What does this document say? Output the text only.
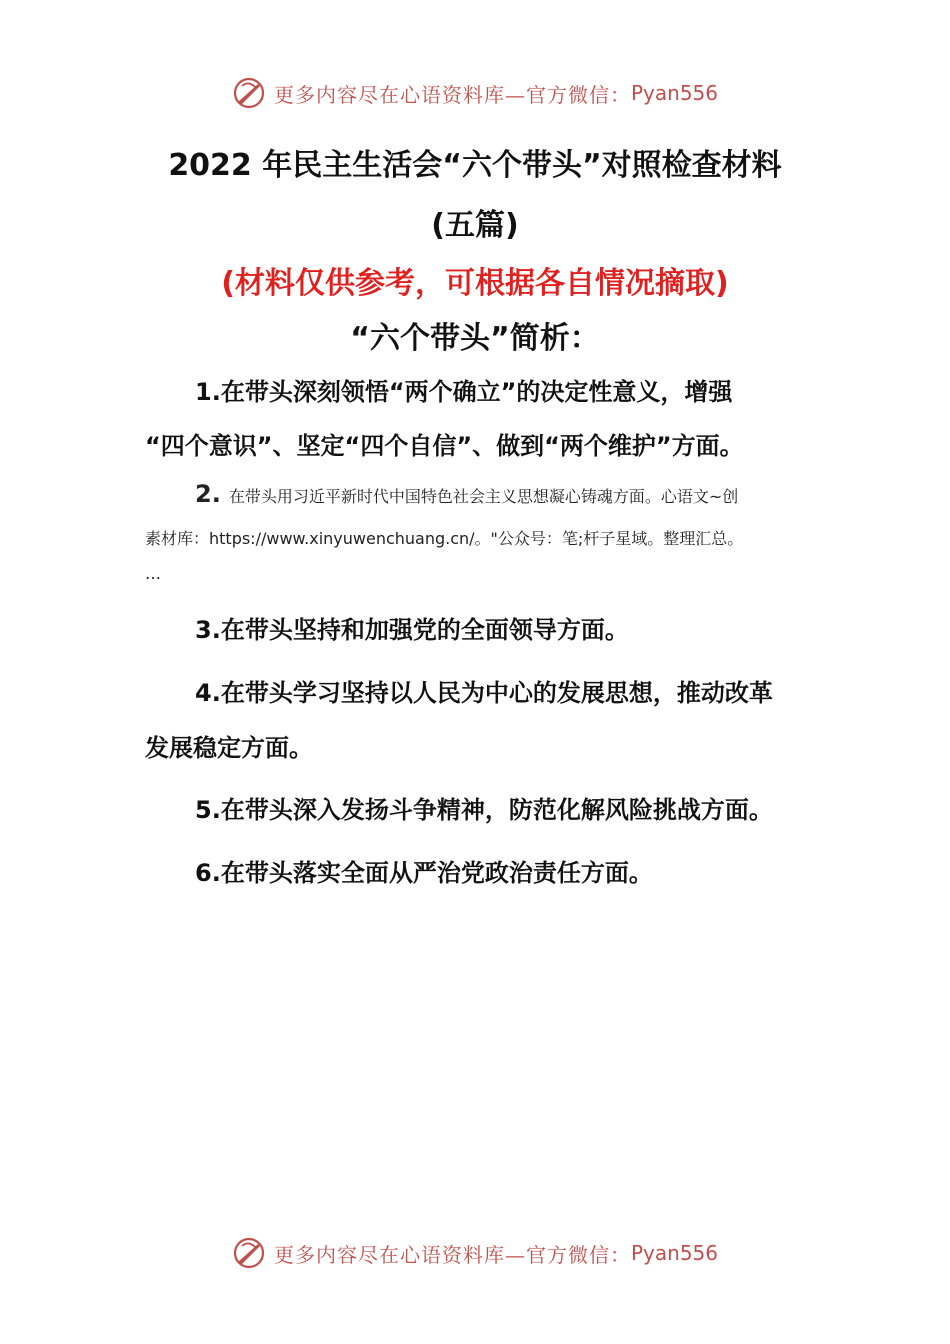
更多内容尽在心语资料库—官方微信： Pyan556
2022 年民主生活会“六个带头”对照检查材料
(五篇)
(材料仅供参考，可根据各自情况摘取)
“六个带头”简析：
1.在带头深刻领悟“两个确立”的决定性意义，增强
“四个意识”、坚定“四个自信”、做到“两个维护”方面。
2. 在带头用习近平新时代中国特色社会主义思想凝心铸魂方面。心语文~创
素材库：https://www.xinyuwenchuang.cn/。"公众号：笔;杆子星域。整理汇总。
…
3.在带头坚持和加强党的全面领导方面。
4.在带头学习坚持以人民为中心的发展思想，推动改革
发展稳定方面。
5.在带头深入发扬斗争精神，防范化解风险挑战方面。
6.在带头落实全面从严治党政治责任方面。
更多内容尽在心语资料库—官方微信： Pyan556
